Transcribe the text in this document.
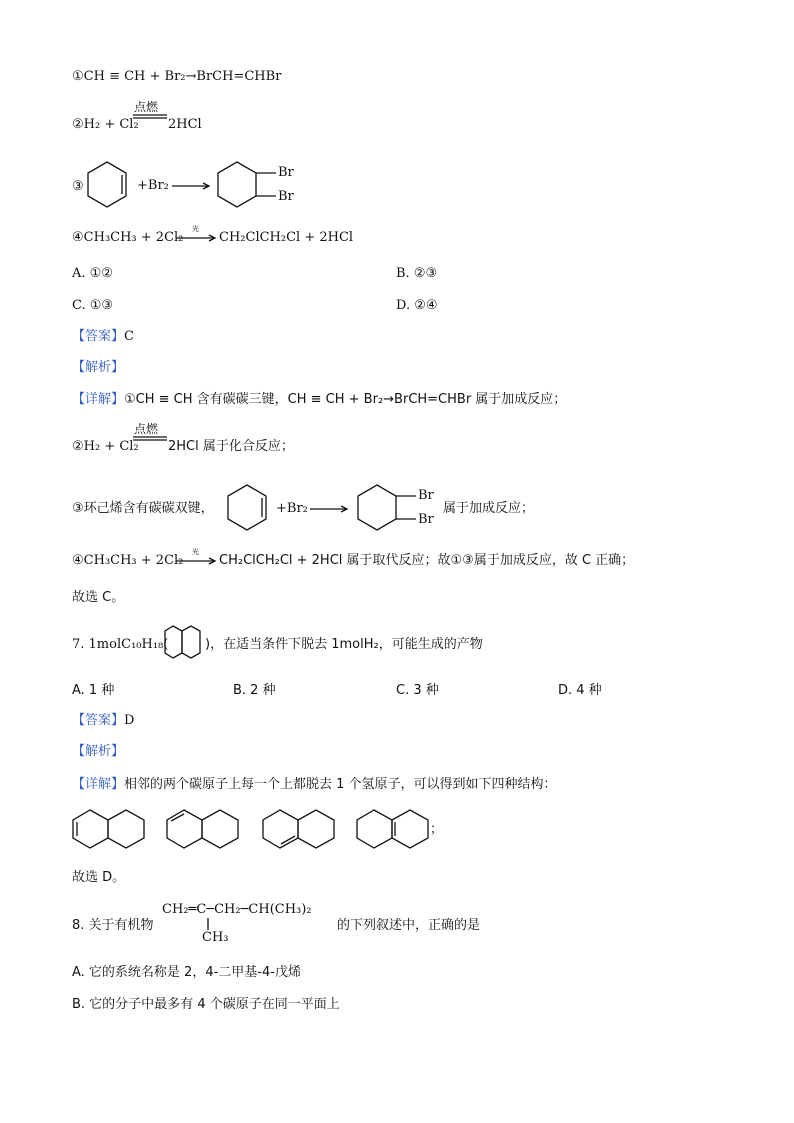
①CH ≡ CH + Br₂→BrCH=CHBr
②H₂ + Cl₂
点燃
2HCl
③	+Br₂ →
Br
Br
④CH₃CH₃ + 2Cl₂
光
→ CH₂ClCH₂Cl + 2HCl
A. ①②	B. ②③
C. ①③	D. ②④
【答案】C
【解析】
【详解】①CH ≡ CH 含有碳碳三键，CH ≡ CH + Br₂→BrCH=CHBr 属于加成反应；
②H₂ + Cl₂
点燃
2HCl 属于化合反应；
③环己烯含有碳碳双键，	+Br₂
Br
Br
属于加成反应；
④CH₃CH₃ + 2Cl₂
光
CH₂ClCH₂Cl + 2HCl 属于取代反应；故①③属于加成反应，故 C 正确；
故选 C。
7. 1molC₁₀H₁₈(	)，在适当条件下脱去 1molH₂，可能生成的产物
A. 1 种	B. 2 种	C. 3 种	D. 4 种
【答案】D
【解析】
【详解】相邻的两个碳原子上每一个上都脱去 1 个氢原子，可以得到如下四种结构：
；
故选 D。
8. 关于有机物
CH₂═C─CH₂─CH(CH₃)₂
CH₃
的下列叙述中，正确的是
A. 它的系统名称是 2，4-二甲基-4-戊烯
B. 它的分子中最多有 4 个碳原子在同一平面上
